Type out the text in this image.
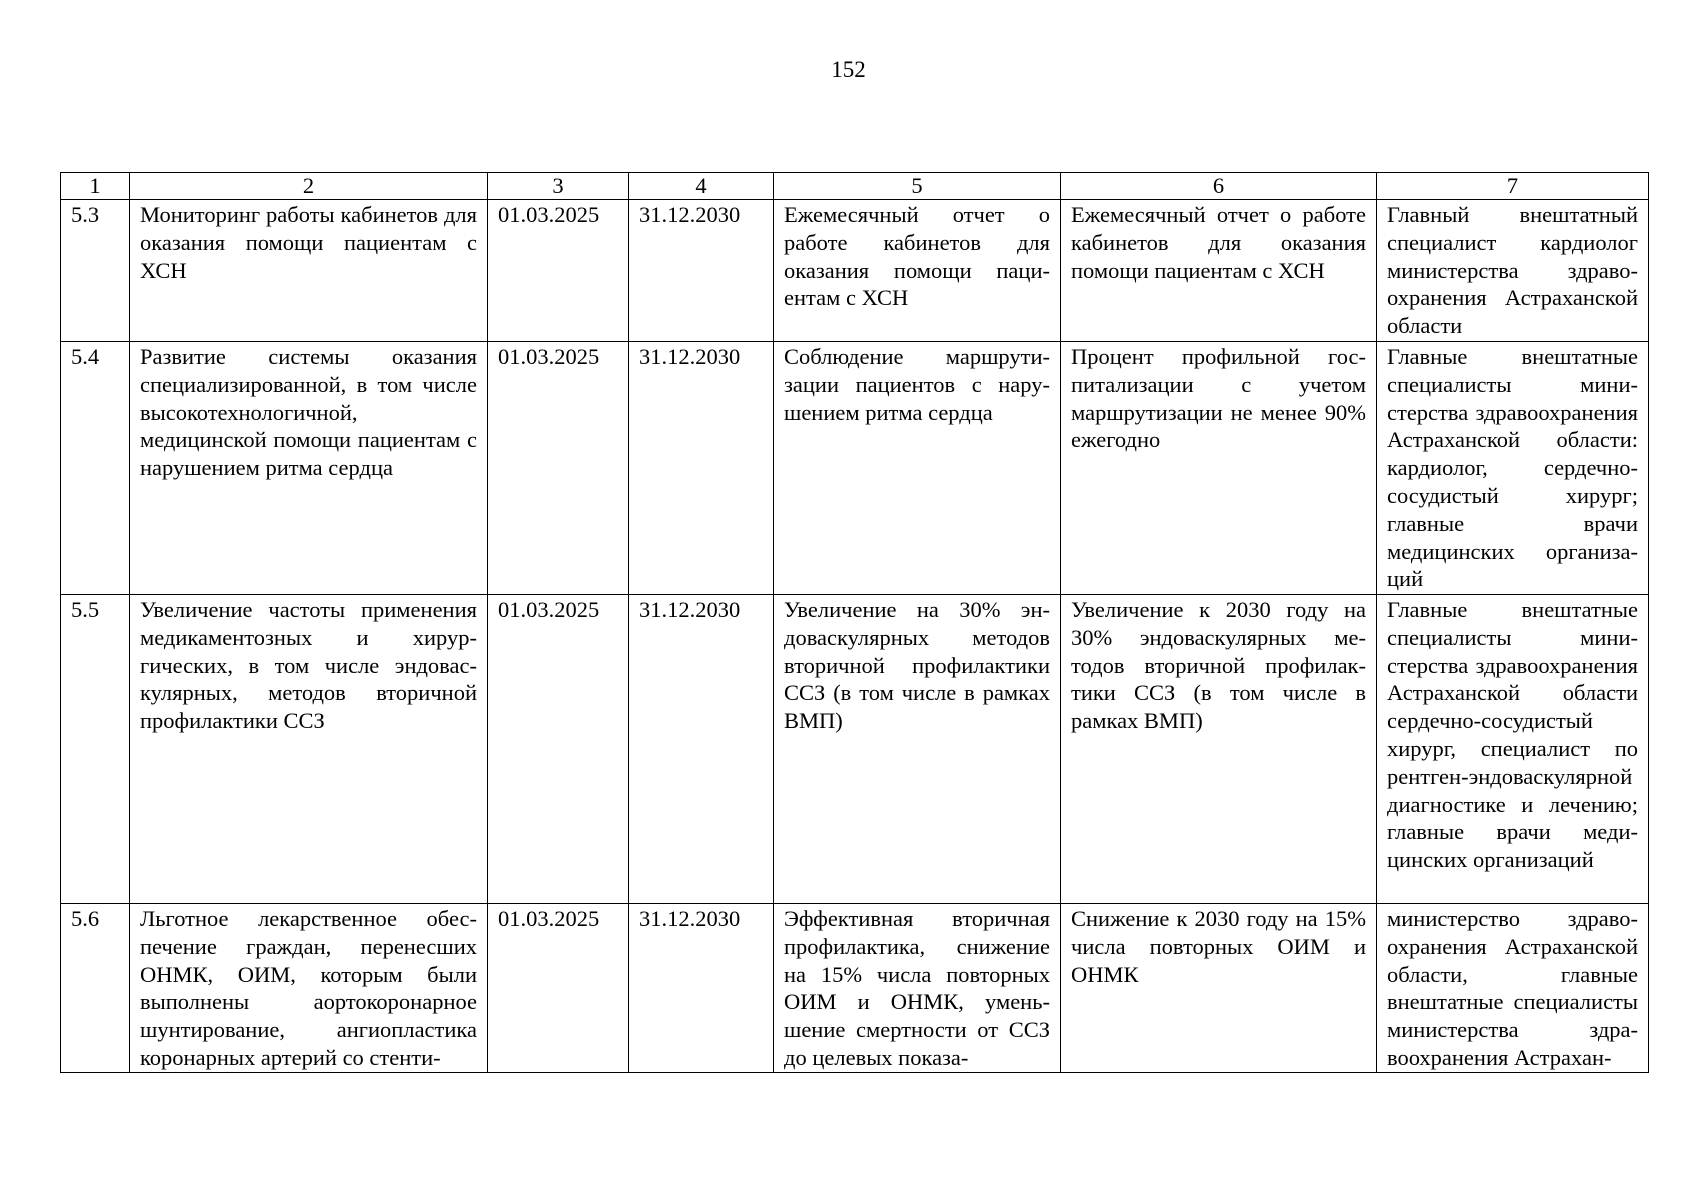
152
1	2	3	4	5	6	7
5.3	Мониторинг работы кабинетов для оказания помощи пациентам с ХСН	01.03.2025	31.12.2030	Ежемесячный отчет о работе кабинетов для оказания помощи пациентам с ХСН	Ежемесячный отчет о работе кабинетов для оказания помощи пациентам с ХСН	Главный внештатный специалист кардиолог министерства здравоохранения Астраханской области
5.4	Развитие системы оказания специализированной, в том числе высокотехнологичной, медицинской помощи пациентам с нарушением ритма сердца	01.03.2025	31.12.2030	Соблюдение маршрутизации пациентов с нарушением ритма сердца	Процент профильной госпитализации с учетом маршрутизации не менее 90% ежегодно	Главные внештатные специалисты министерства здравоохранения Астраханской области: кардиолог, сердечно-сосудистый хирург; главные врачи медицинских организаций
5.5	Увеличение частоты применения медикаментозных и хирургических, в том числе эндоваскулярных, методов вторичной профилактики ССЗ	01.03.2025	31.12.2030	Увеличение на 30% эндоваскулярных методов вторичной профилактики ССЗ (в том числе в рамках ВМП)	Увеличение к 2030 году на 30% эндоваскулярных методов вторичной профилактики ССЗ (в том числе в рамках ВМП)	Главные внештатные специалисты министерства здравоохранения Астраханской области сердечно-сосудистый хирург, специалист по рентген-эндоваскулярной диагностике и лечению; главные врачи медицинских организаций
5.6	Льготное лекарственное обеспечение граждан, перенесших ОНМК, ОИМ, которым были выполнены аортокоронарное шунтирование, ангиопластика коронарных артерий со стенти-	01.03.2025	31.12.2030	Эффективная вторичная профилактика, снижение на 15% числа повторных ОИМ и ОНМК, уменьшение смертности от ССЗ до целевых показа-	Снижение к 2030 году на 15% числа повторных ОИМ и ОНМК	министерство здравоохранения Астраханской области, главные внештатные специалисты министерства здравоохранения Астрахан-
